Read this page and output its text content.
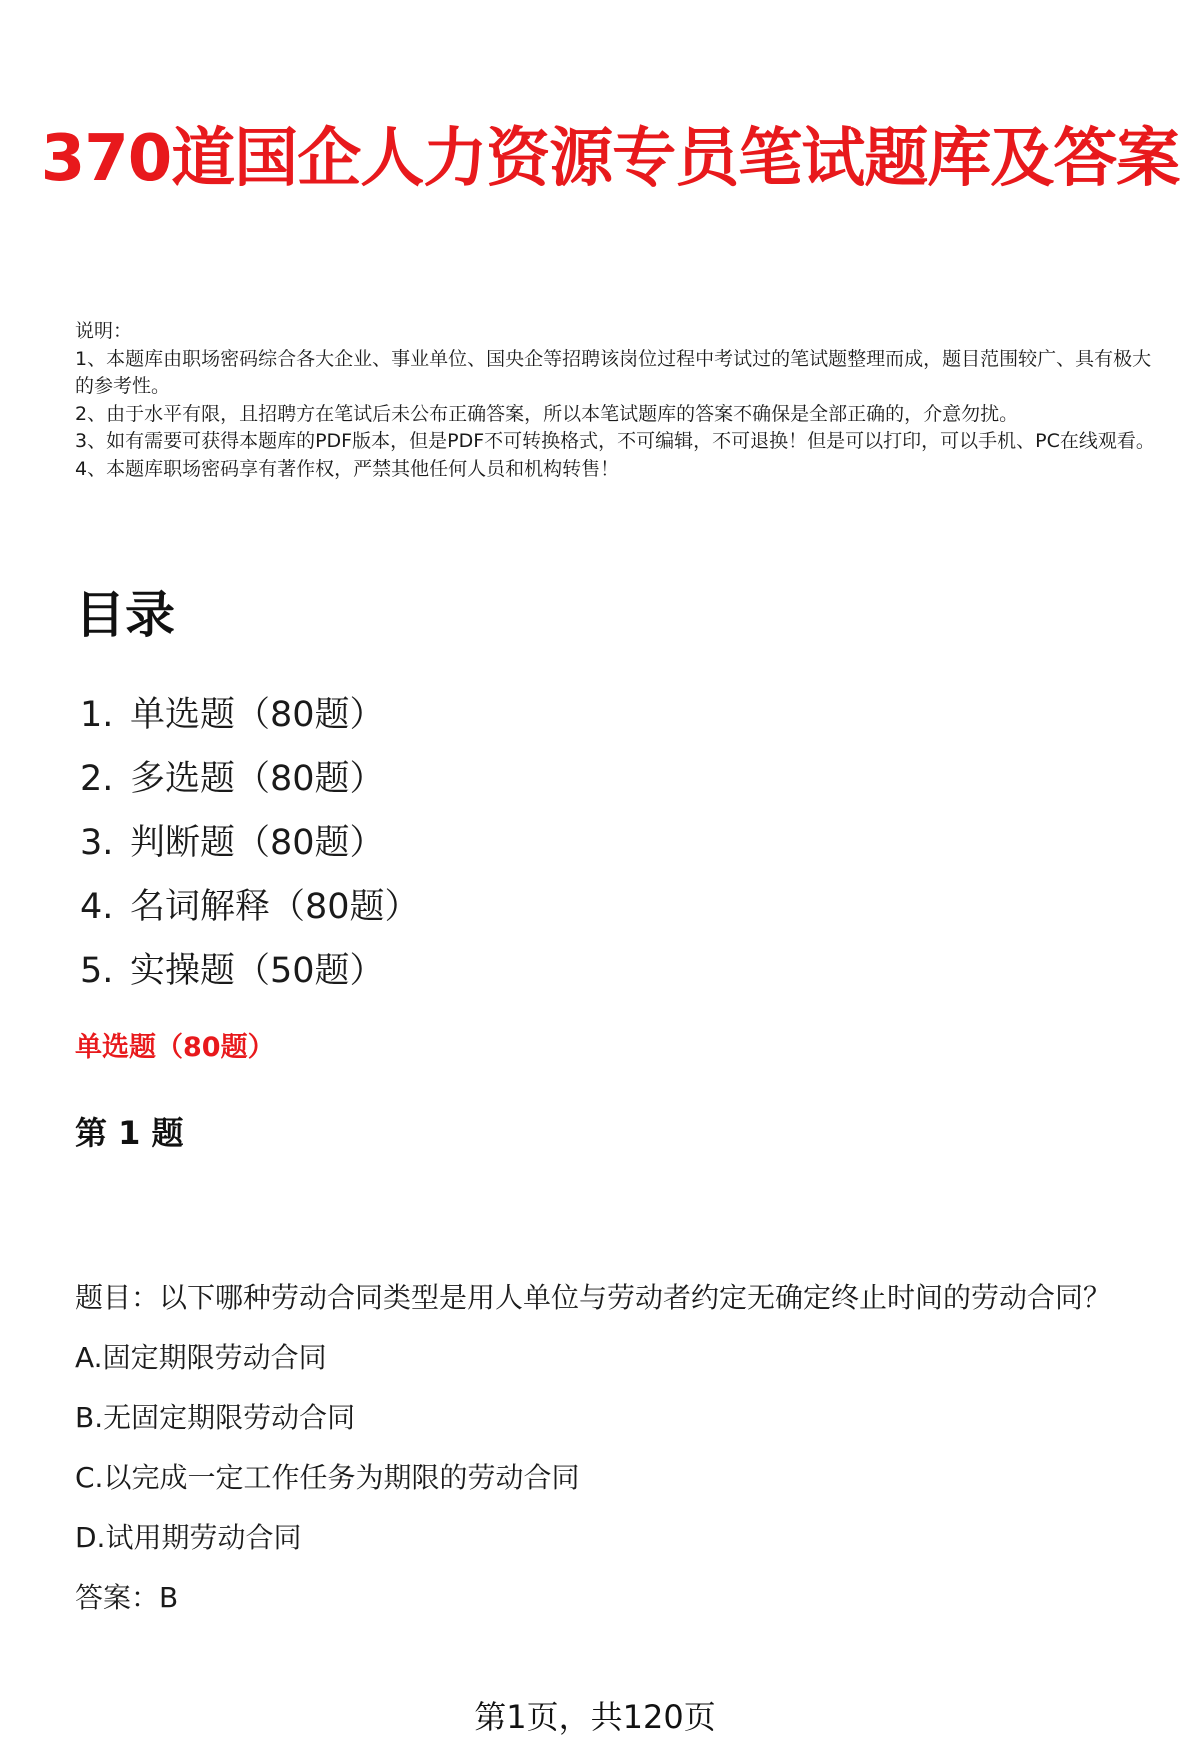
370道国企人力资源专员笔试题库及答案

说明：

1、本题库由职场密码综合各大企业、事业单位、国央企等招聘该岗位过程中考试过的笔试题整理而成，题目范围较广、具有极大的参考性。

2、由于水平有限，且招聘方在笔试后未公布正确答案，所以本笔试题库的答案不确保是全部正确的，介意勿扰。

3、如有需要可获得本题库的PDF版本，但是PDF不可转换格式，不可编辑，不可退换！但是可以打印，可以手机、PC在线观看。

4、本题库职场密码享有著作权，严禁其他任何人员和机构转售！

目录
1. 单选题（80题）
2. 多选题（80题）
3. 判断题（80题）
4. 名词解释（80题）
5. 实操题（50题）
单选题（80题）
第 1 题

题目：以下哪种劳动合同类型是用人单位与劳动者约定无确定终止时间的劳动合同？

A.固定期限劳动合同

B.无固定期限劳动合同

C.以完成一定工作任务为期限的劳动合同

D.试用期劳动合同

答案：B

第1页，共120页
